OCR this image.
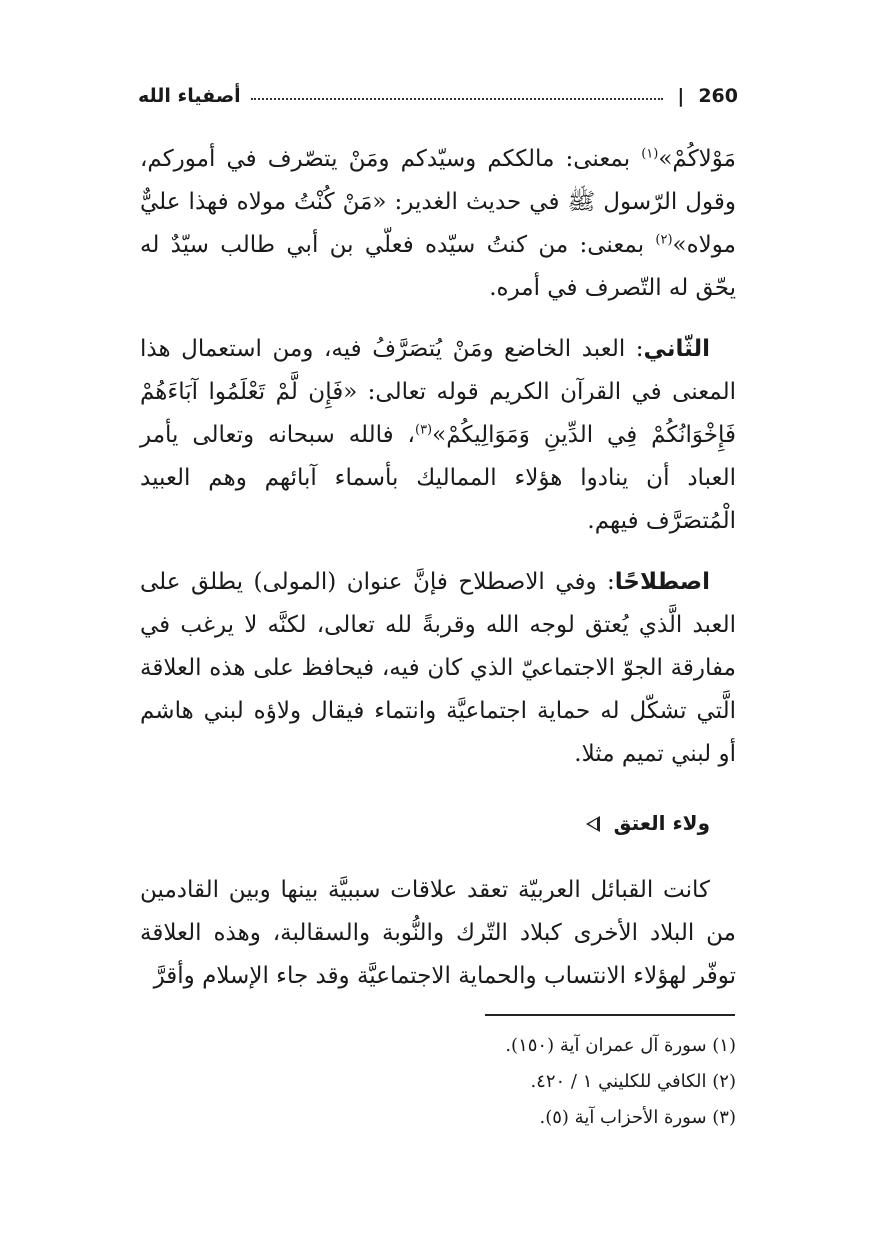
260
|
أصفياء الله

مَوْلاكُمْ»$^{(١)}$ بمعنى: مالككم وسيّدكم ومَنْ يتصّرف في أموركم، وقول الرّسول ﷺ في حديث الغدير: «مَنْ كُنْتُ مولاه فهذا عليٌّ مولاه»$^{(٢)}$ بمعنى: من كنتُ سيّده فعلّي بن أبي طالب سيّدٌ له يحّق له التّصرف في أمره.

الثّاني: العبد الخاضع ومَنْ يُتصَرَّفُ فيه، ومن استعمال هذا المعنى في القرآن الكريم قوله تعالى: «فَإِن لَّمْ تَعْلَمُوا آبَاءَهُمْ فَإِخْوَانُكُمْ فِي الدِّينِ وَمَوَالِيكُمْ»$^{(٣)}$، فالله سبحانه وتعالى يأمر العباد أن ينادوا هؤلاء المماليك بأسماء آبائهم وهم العبيد الْمُتصَرَّف فيهم.

اصطلاحًا: وفي الاصطلاح فإنَّ عنوان (المولى) يطلق على العبد الَّذي يُعتق لوجه الله وقربةً لله تعالى، لكنَّه لا يرغب في مفارقة الجوّ الاجتماعيّ الذي كان فيه، فيحافظ على هذه العلاقة الَّتي تشكّل له حماية اجتماعيَّة وانتماء فيقال ولاؤه لبني هاشم أو لبني تميم مثلا.

ولاء العتق

كانت القبائل العربيّة تعقد علاقات سببيَّة بينها وبين القادمين من البلاد الأخرى كبلاد التّرك والنُّوبة والسقالبة، وهذه العلاقة توفّر لهؤلاء الانتساب والحماية الاجتماعيَّة وقد جاء الإسلام وأقرَّ

(١) سورة آل عمران آية (١٥٠).
(٢) الكافي للكليني ١ / ٤٢٠.
(٣) سورة الأحزاب آية (٥).
